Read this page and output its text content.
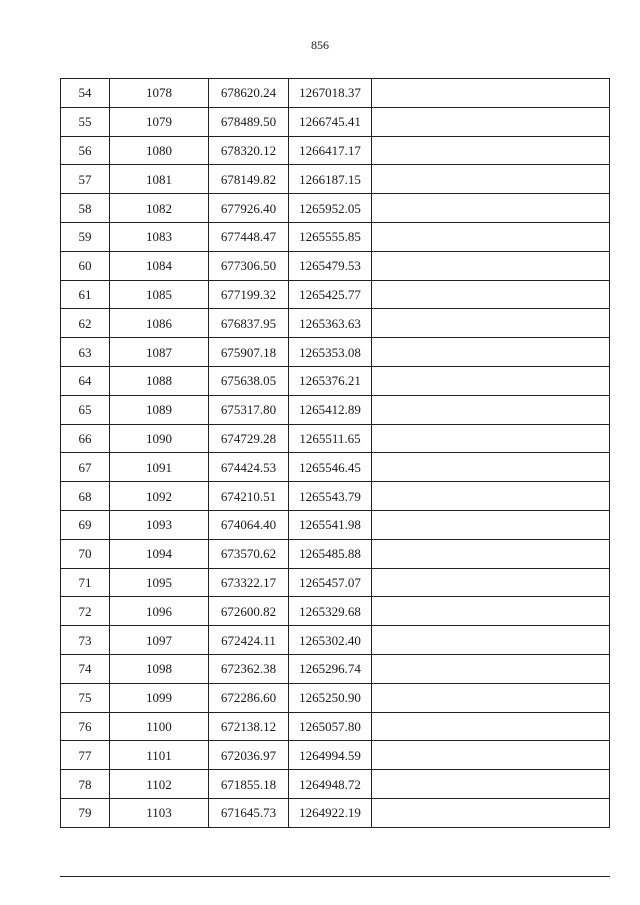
856
54	1078	678620.24	1267018.37	
55	1079	678489.50	1266745.41	
56	1080	678320.12	1266417.17	
57	1081	678149.82	1266187.15	
58	1082	677926.40	1265952.05	
59	1083	677448.47	1265555.85	
60	1084	677306.50	1265479.53	
61	1085	677199.32	1265425.77	
62	1086	676837.95	1265363.63	
63	1087	675907.18	1265353.08	
64	1088	675638.05	1265376.21	
65	1089	675317.80	1265412.89	
66	1090	674729.28	1265511.65	
67	1091	674424.53	1265546.45	
68	1092	674210.51	1265543.79	
69	1093	674064.40	1265541.98	
70	1094	673570.62	1265485.88	
71	1095	673322.17	1265457.07	
72	1096	672600.82	1265329.68	
73	1097	672424.11	1265302.40	
74	1098	672362.38	1265296.74	
75	1099	672286.60	1265250.90	
76	1100	672138.12	1265057.80	
77	1101	672036.97	1264994.59	
78	1102	671855.18	1264948.72	
79	1103	671645.73	1264922.19	
